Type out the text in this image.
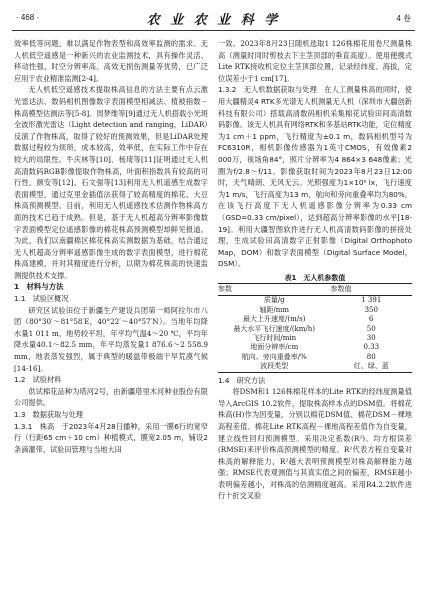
· 468 ·	农 业 农 业 科 学	4 卷

效率低等问题，难以满足作物表型和高效率监测的需求。无人机低空遥感是一种新兴的农业监测技术，具有操作灵活、移动性强、时空分辨率高、高效无损伤测量等优势，已广泛应用于农业精准监测[2-4]。

无人机低空遥感技术提取株高信息的方法主要有点云激光雷达法、数码相机图像数字表面模型相减法、植被指数－株高模型估测法等[5-8]。周梦维等[9]通过无人机搭载小光斑全波形激光雷达（Light detection and ranging，LiDAR）反演了作物株高，取得了较好的预测效果，但是LiDAR处理数据过程较为烦琐，成本较高，效率低，在实际工作中存在较大的局限性。牛庆林等[10]、杨琦等[11]证明通过无人机高清数码RGB影像提取作物株高，叶面积指数具有较高的可行性。颜安等[12]、石文强等[13]利用无人机遥感生成数字表面模型，通过克里金插值法获得了较高精度的棉花、大豆株高预测模型。目前，利用无人机遥感技术估测作物株高方面的技术已趋于成熟。但是，基于无人机超高分辨率影像数字表面模型定位遥感影像的棉花株高预测模型却鲜见报道。为此，我们以南疆棉区棉花株高实测数据为基础，结合通过无人机超高分辨率遥感影像生成的数字表面模型，进行棉花株高建模，并对其精度进行分析，以期为棉花株高的快速监测提供技术支撑。

1　材料与方法

1.1　试验区概况

研究区试验田位于新疆生产建设兵团第一师阿拉尔市八团（80°30′～81°58′E，40°22′～40°57′N）。当地年均降水量1 011 m，地势较平坦，年平均气温4～20 ℃，平均年降水量40.1～82.5 mm，年平均蒸发量1 876.6～2 558.9 mm，地表蒸发强烈，属于典型的暖温带极端干旱荒漠气候[14-16]。

1.2　试验材料

供试棉花品种为塔河2号，由新疆塔里木河种业股份有限公司提供。

1.3　数据获取与处理

1.3.1　株高　于2023年4月28日播种，采用一膜6行的宽窄行（行距65 cm＋10 cm）种植模式，膜宽2.05 m，铺设2条滴灌带。试验田管理与当地大田

一致。2023年8月23日随机选取1 126株棉花用卷尺测量株高（测量时同时剪枝去下主茎顶部的垂直高度）。使用便携式Lite RTK接收机定位主茎顶部位置，记录经纬度、海拔，定位误差小于1 cm[17]。

1.3.2　无人机数据获取与处理　在人工测量株高的同时，使用大疆精灵4 RTK多光谱无人机测量无人机（深圳市大疆创新科技有限公司）搭载高清数码相机采集棉花试验田间高清数码影像。该无人机具有网络RTK和多基站RTK功能，定位精度为1 cm＋1 ppm，飞行精度为±0.1 m，数码相机型号为FC6310R，相机影像传感器为1英寸CMOS，有效像素2 000万，视场角84°，照片分辨率为4 864×3 648像素；光圈为f/2.8～f/11。影像获取时间为2023年8月23日12:00时，天气晴朗、无风无云。光照强度为1×10⁵ lx，飞行速度为1 m/s，飞行高度为13 m，航向和旁向重叠率均为80%，在该飞行高度下无人机遥感影像分辨率为0.33 cm（GSD=0.33 cm/pixel），达到超高分辨率影像的水平[18-19]。利用大疆智图软件进行无人机高清数码影像的拼接处理，生成试验田高清数字正射影像（Digital Orthophoto Map，DOM）和数字表面模型（Digital Surface Model，DSM）。

表1　无人机参数值
参数	参数值
质量/g	1 391
轴距/mm	350
最大上升速度/(m/s)	6
最大水平飞行速度/(km/h)	50
飞行时间/min	30
地面分辨率/cm	0.33
航向、旁向重叠率/%	80
波段类型	红、绿、蓝

1.4　研究方法

将DSM和1 126株棉花样本的Lite RTK的经纬度测量值导入ArcGIS 10.2软件，提取株高样本点的DSM值。将棉花株高(H)作为因变量，分别以棉花DSM值、棉花DSM－裸地高程差值、棉花Lite RTK高程－裸地高程差值作为自变量，建立线性回归预测模型。采用决定系数(R²)、均方根误差(RMSE)来评价株高预测模型的精度。R²代表方程自变量对株高的解释能力，R²越大表明预测模型对株高解释能力越强；RMSE代表观测值与其真实值之间的偏差，RMSE越小表明偏差越小，对株高的估测精度越高。采用R4.2.2软件进行十折交叉验
